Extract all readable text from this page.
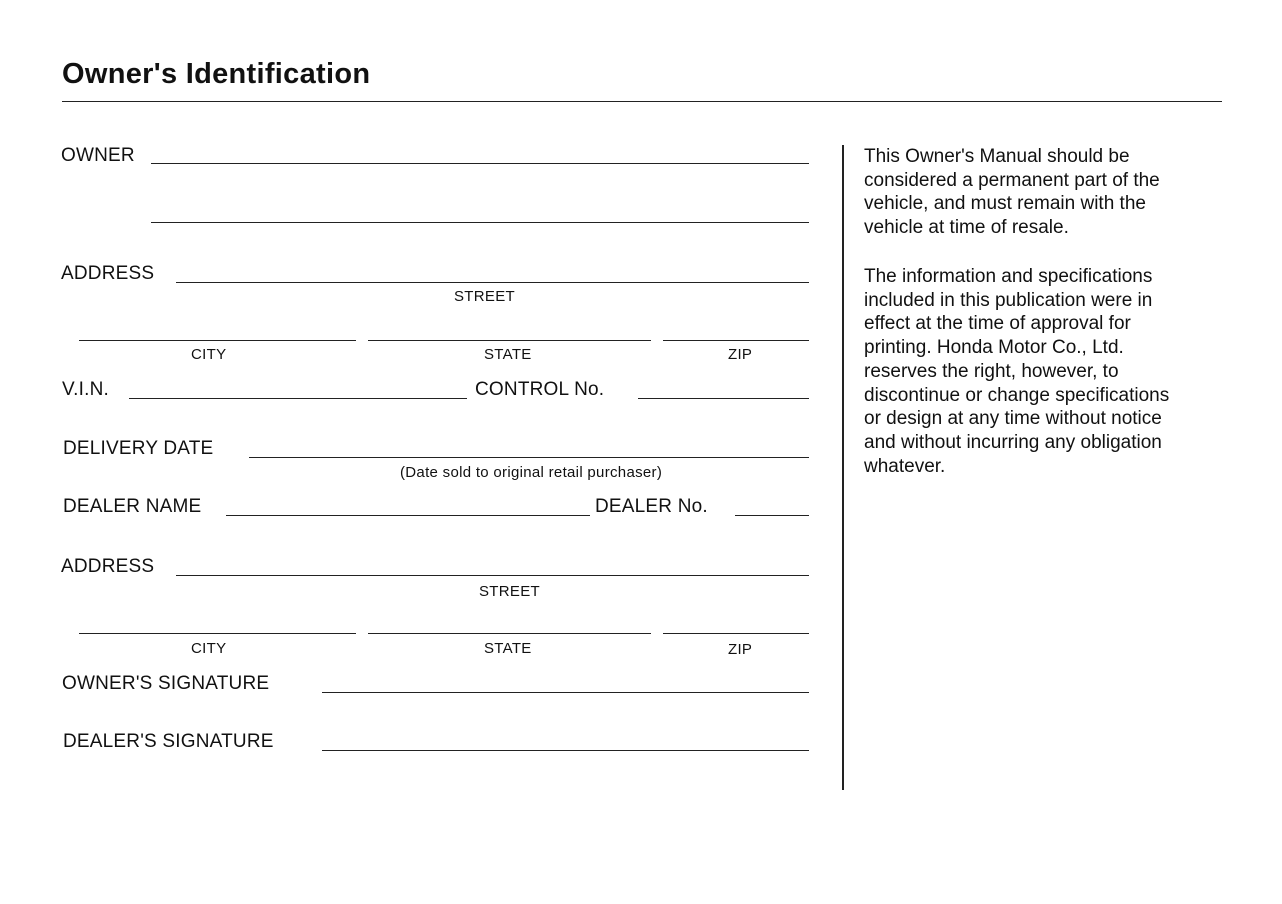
Owner's Identification
OWNER
ADDRESS
STREET
CITY	STATE	ZIP
V.I.N.	CONTROL No.
DELIVERY DATE
(Date sold to original retail purchaser)
DEALER NAME	DEALER No.
ADDRESS
STREET
CITY	STATE	ZIP
OWNER'S SIGNATURE
DEALER'S SIGNATURE

This Owner's Manual should be
considered a permanent part of the
vehicle, and must remain with the
vehicle at time of resale.

The information and specifications
included in this publication were in
effect at the time of approval for
printing. Honda Motor Co., Ltd.
reserves the right, however, to
discontinue or change specifications
or design at any time without notice
and without incurring any obligation
whatever.
